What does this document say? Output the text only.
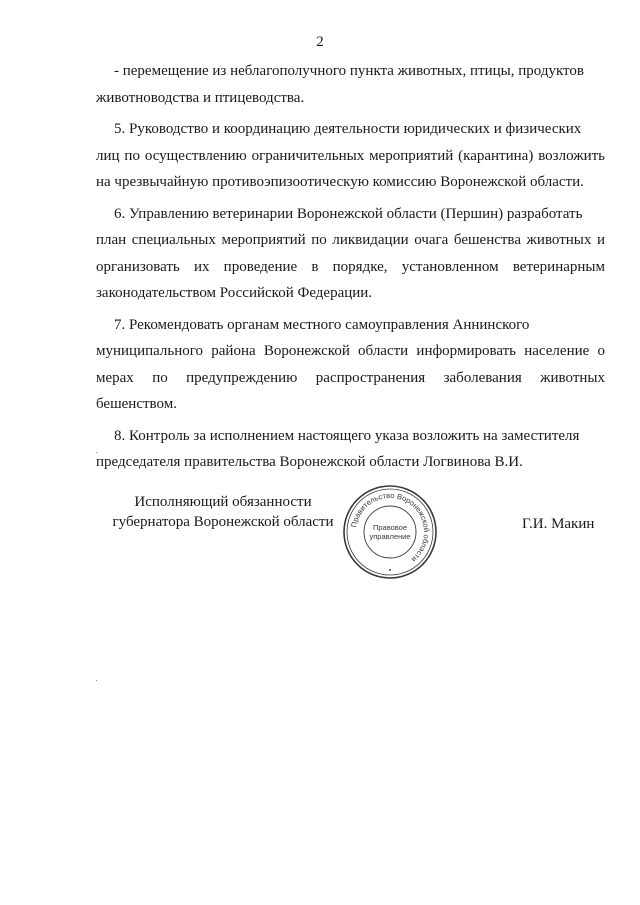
2

- перемещение из неблагополучного пункта животных, птицы, продуктов
животноводства и птицеводства.

5. Руководство и координацию деятельности юридических и физических
лиц по осуществлению ограничительных мероприятий (карантина) возложить на чрезвычайную противоэпизоотическую комиссию Воронежской области.

6. Управлению ветеринарии Воронежской области (Першин) разработать
план специальных мероприятий по ликвидации очага бешенства животных и организовать их проведение в порядке, установленном ветеринарным законодательством Российской Федерации.

7. Рекомендовать органам местного самоуправления Аннинского
муниципального района Воронежской области информировать население о мерах по предупреждению распространения заболевания животных бешенством.

8. Контроль за исполнением настоящего указа возложить на заместителя
председателя правительства Воронежской области Логвинова В.И.

Исполняющий обязанности
губернатора Воронежской области	Правительство Воронежской области
Правовое
управление
Г.И. Макин
